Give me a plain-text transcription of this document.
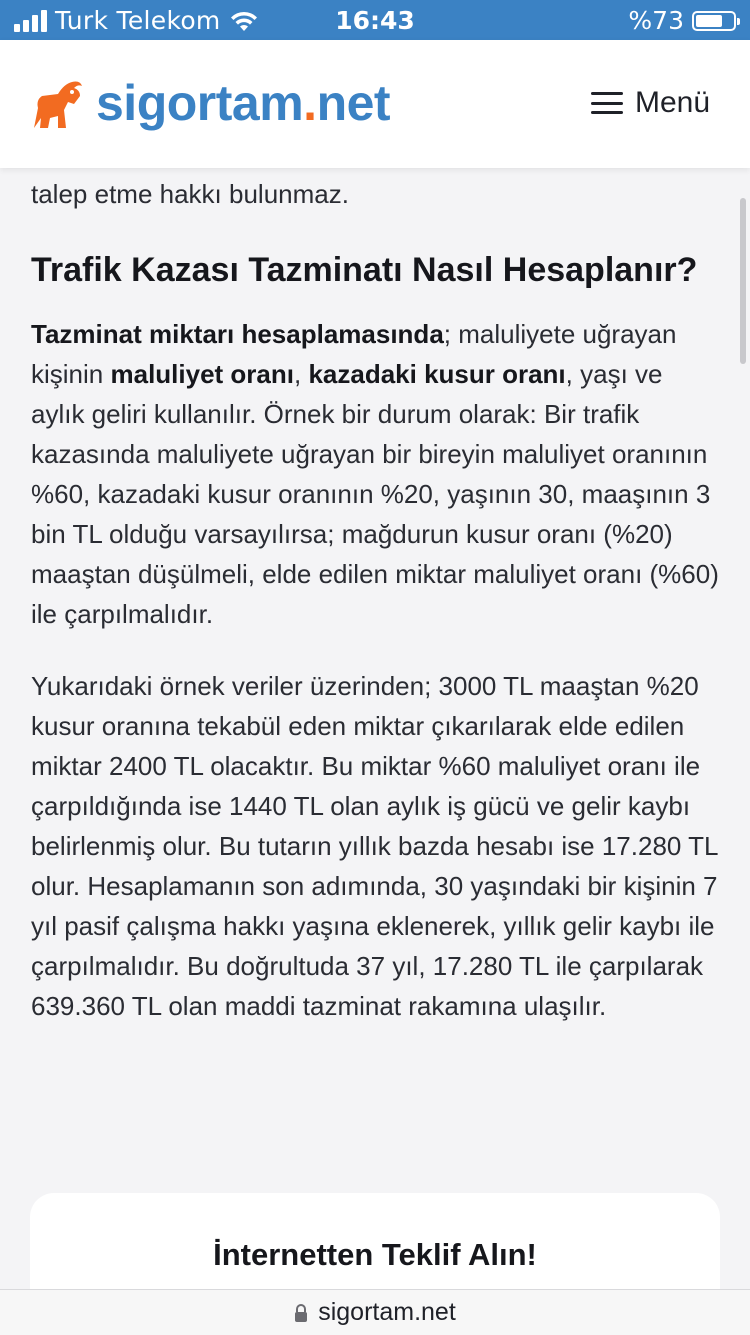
Turk Telekom	16:43	%73
sigortam.net	Menü

talep etme hakkı bulunmaz.

Trafik Kazası Tazminatı Nasıl Hesaplanır?

Tazminat miktarı hesaplamasında; maluliyete uğrayan kişinin maluliyet oranı, kazadaki kusur oranı, yaşı ve aylık geliri kullanılır. Örnek bir durum olarak: Bir trafik kazasında maluliyete uğrayan bir bireyin maluliyet oranının %60, kazadaki kusur oranının %20, yaşının 30, maaşının 3 bin TL olduğu varsayılırsa; mağdurun kusur oranı (%20) maaştan düşülmeli, elde edilen miktar maluliyet oranı (%60) ile çarpılmalıdır.

Yukarıdaki örnek veriler üzerinden; 3000 TL maaştan %20 kusur oranına tekabül eden miktar çıkarılarak elde edilen miktar 2400 TL olacaktır. Bu miktar %60 maluliyet oranı ile çarpıldığında ise 1440 TL olan aylık iş gücü ve gelir kaybı belirlenmiş olur. Bu tutarın yıllık bazda hesabı ise 17.280 TL olur. Hesaplamanın son adımında, 30 yaşındaki bir kişinin 7 yıl pasif çalışma hakkı yaşına eklenerek, yıllık gelir kaybı ile çarpılmalıdır. Bu doğrultuda 37 yıl, 17.280 TL ile çarpılarak 639.360 TL olan maddi tazminat rakamına ulaşılır.

İnternetten Teklif Alın!
sigortam.net
